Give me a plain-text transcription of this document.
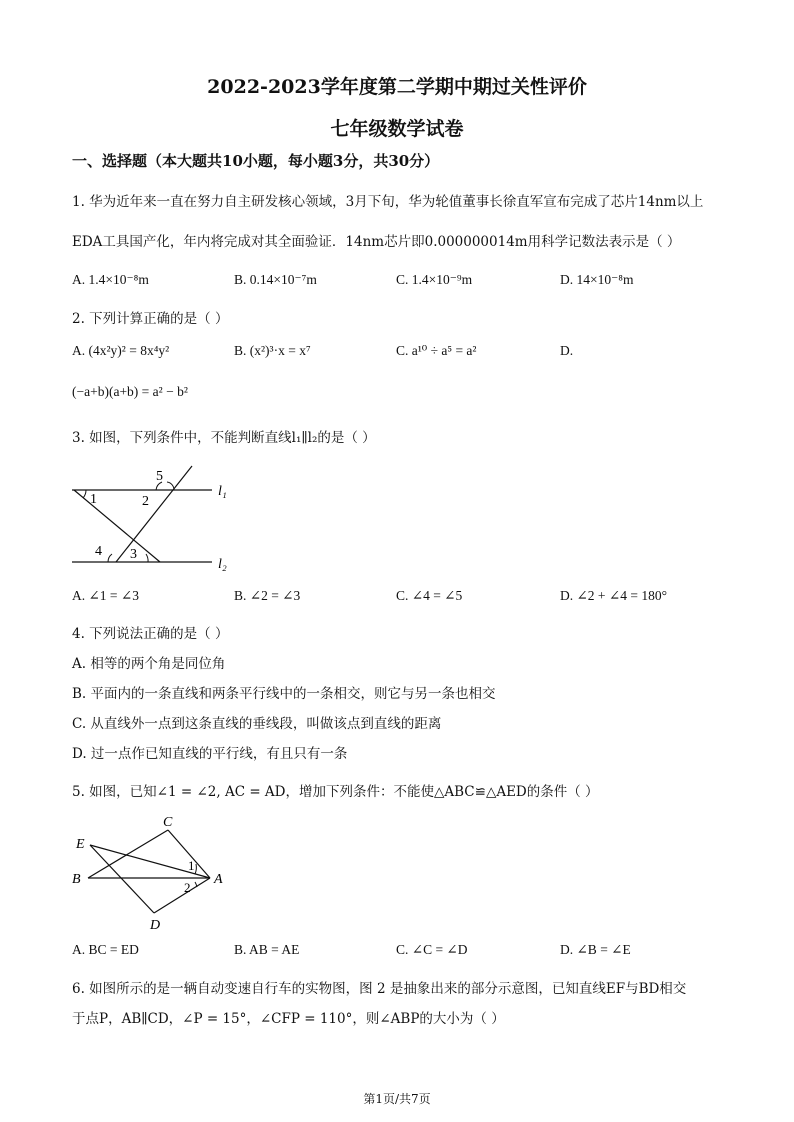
2022-2023学年度第二学期中期过关性评价
七年级数学试卷
一、选择题（本大题共10小题，每小题3分，共30分）
1. 华为近年来一直在努力自主研发核心领域，3月下旬，华为轮值董事长徐直军宣布完成了芯片14nm以上
EDA工具国产化，年内将完成对其全面验证．14nm芯片即0.000000014m用科学记数法表示是（ ）
A. 1.4×10⁻⁸m	B. 0.14×10⁻⁷m	C. 1.4×10⁻⁹m	D. 14×10⁻⁸m
2. 下列计算正确的是（ ）
A. (4x²y)² = 8x⁴y²	B. (x²)³·x = x⁷	C. a¹⁰ ÷ a⁵ = a²	D.
(−a+b)(a+b) = a² − b²
3. 如图，下列条件中，不能判断直线l₁∥l₂的是（ ）
5
1	2
l₁
4 3
l₂
A. ∠1 = ∠3	B. ∠2 = ∠3	C. ∠4 = ∠5	D. ∠2 + ∠4 = 180°
4. 下列说法正确的是（ ）
A. 相等的两个角是同位角
B. 平面内的一条直线和两条平行线中的一条相交，则它与另一条也相交
C. 从直线外一点到这条直线的垂线段，叫做该点到直线的距离
D. 过一点作已知直线的平行线，有且只有一条
5. 如图，已知∠1 = ∠2, AC = AD，增加下列条件：不能使△ABC≌△AED的条件（ ）
C
E
1
B
2
A
D
A. BC = ED	B. AB = AE	C. ∠C = ∠D	D. ∠B = ∠E
6. 如图所示的是一辆自动变速自行车的实物图，图 2 是抽象出来的部分示意图，已知直线EF与BD相交
于点P，AB∥CD，∠P = 15°，∠CFP = 110°，则∠ABP的大小为（ ）
第1页/共7页
